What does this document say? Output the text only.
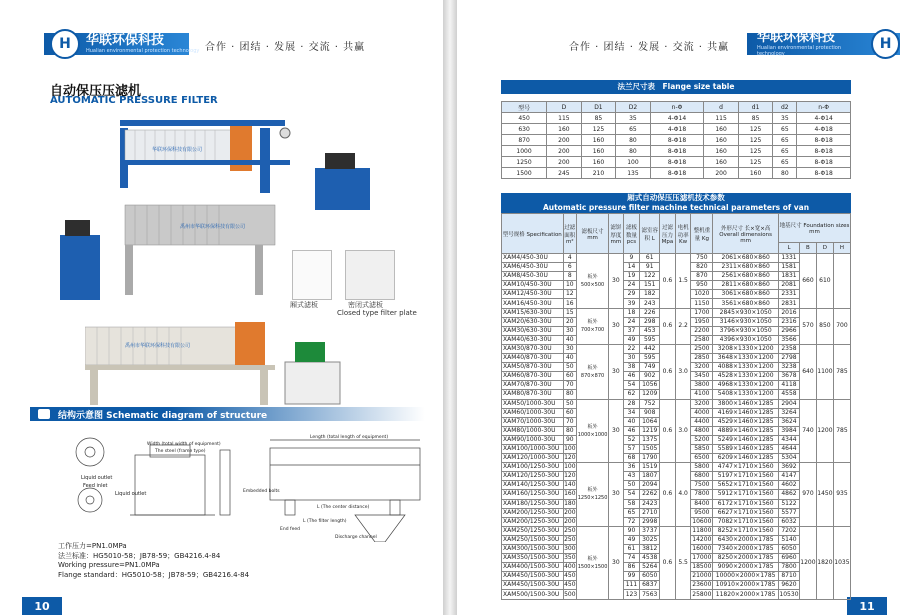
H	华联环保科技
Hualian environmental protection technology 合作 · 团结 · 发展 · 交流 · 共赢
自动保压压滤机
AUTOMATIC PRESSURE FILTER
华联环保科技有限公司
禹州市华联环保科技有限公司
厢式滤板	密闭式滤板
Closed type filter plate
禹州市华联环保科技有限公司
结构示意图 Schematic diagram of structure
Liquid outlet
Feed inlet
Liquid outlet
Width (total width of equipment)
The steel (frame type)
Length (total length of equipment)
L (The center distance)
Embedded bolts
L (The filter length)
Discharge channel
End feed
工作压力=PN1.0MPa
法兰标准：HG5010-58；JB78-59；GB4216.4-84
Working pressure=PN1.0MPa
Flange standard：HG5010-58；JB78-59；GB4216.4-84
10
合作 · 团结 · 发展 · 交流 · 共赢
华联环保科技
Hualian environmental protection technology
H
11
法兰尺寸表　Flange size table
型号	D	D1	D2	n-Φ	d	d1	d2	n-Φ
450	115	85	35	4-Φ14	115	85	35	4-Φ14
630	160	125	65	4-Φ18	160	125	65	4-Φ18
870	200	160	80	8-Φ18	160	125	65	8-Φ18
1000	200	160	80	8-Φ18	160	125	65	8-Φ18
1250	200	160	100	8-Φ18	160	125	65	8-Φ18
1500	245	210	135	8-Φ18	200	160	80	8-Φ18
厢式自动保压压滤机技术参数
Automatic pressure filter machine technical parameters of van
型号规格 Specification	过滤面积 m²	滤板尺寸 mm	滤饼厚度 mm	滤板数量 pcs	滤室容积 L	过滤压力 Mpa	电机功率 Kw	整机重量 Kg	外形尺寸 长×宽×高 Overall dimensions mm	地基尺寸 Foundation sizes mm			
										L	B	D	H
XAM4/450-30U	4	板外 500×500	30	9	61	0.6	1.5	750	2061×680×860	1331	660	610	
XAM6/450-30U	6			14	91			820	2311×680×860	1581			
XAM8/450-30U	8			19	122			870	2561×680×860	1831			
XAM10/450-30U	10			24	151			950	2811×680×860	2081			
XAM12/450-30U	12			29	182			1020	3061×680×860	2331			
XAM16/450-30U	16			39	243			1150	3561×680×860	2831			
XAM15/630-30U	15	板外 700×700	30	18	226	0.6	2.2	1700	2845×930×1050	2016	570	850	700
XAM20/630-30U	20			24	298			1950	3146×930×1050	2316			
XAM30/630-30U	30			37	453			2200	3796×930×1050	2966			
XAM40/630-30U	40			49	595			2580	4396×930×1050	3566			
XAM30/870-30U	30	板外 870×870	30	22	442	0.6	3.0	2500	3208×1330×1200	2358	640	1100	785
XAM40/870-30U	40			30	595			2850	3648×1330×1200	2798			
XAM50/870-30U	50			38	749			3200	4088×1330×1200	3238			
XAM60/870-30U	60			46	902			3450	4528×1330×1200	3678			
XAM70/870-30U	70			54	1056			3800	4968×1330×1200	4118			
XAM80/870-30U	80			62	1209			4100	5408×1330×1200	4558			
XAM50/1000-30U	50	板外 1000×1000	30	28	752	0.6	3.0	3200	3800×1460×1285	2904	740	1200	785
XAM60/1000-30U	60			34	908			4000	4169×1460×1285	3264			
XAM70/1000-30U	70			40	1064			4400	4529×1460×1285	3624			
XAM80/1000-30U	80			46	1219			4800	4889×1460×1285	3984			
XAM90/1000-30U	90			52	1375			5200	5249×1460×1285	4344			
XAM100/1000-30U	100			57	1505			5850	5589×1460×1285	4644			
XAM120/1000-30U	120			68	1790			6500	6209×1460×1285	5304			
XAM100/1250-30U	100	板外 1250×1250	30	36	1519	0.6	4.0	5800	4747×1710×1560	3692	970	1450	935
XAM120/1250-30U	120			43	1807			6800	5197×1710×1560	4147			
XAM140/1250-30U	140			50	2094			7500	5652×1710×1560	4602			
XAM160/1250-30U	160			54	2262			7800	5912×1710×1560	4862			
XAM180/1250-30U	180			58	2423			8400	6172×1710×1560	5122			
XAM200/1250-30U	200			65	2710			9500	6627×1710×1560	5577			
XAM200/1250-30U	200			72	2998			10600	7082×1710×1560	6032			
XAM250/1250-30U	250	板外 1500×1500	30	90	3737	0.6	5.5	11800	8252×1710×1560	7202	1200	1820	1035
XAM250/1500-30U	250			49	3025			14200	6430×2000×1785	5140			
XAM300/1500-30U	300			61	3812			16000	7340×2000×1785	6050			
XAM350/1500-30U	350			74	4538			17000	8250×2000×1785	6960			
XAM400/1500-30U	400			86	5264			18500	9090×2000×1785	7800			
XAM450/1500-30U	450			99	6050			21000	10000×2000×1785	8710			
XAM450/1500-30U	450			111	6837			23600	10910×2000×1785	9620			
XAM500/1500-30U	500			123	7563			25800	11820×2000×1785	10530			
